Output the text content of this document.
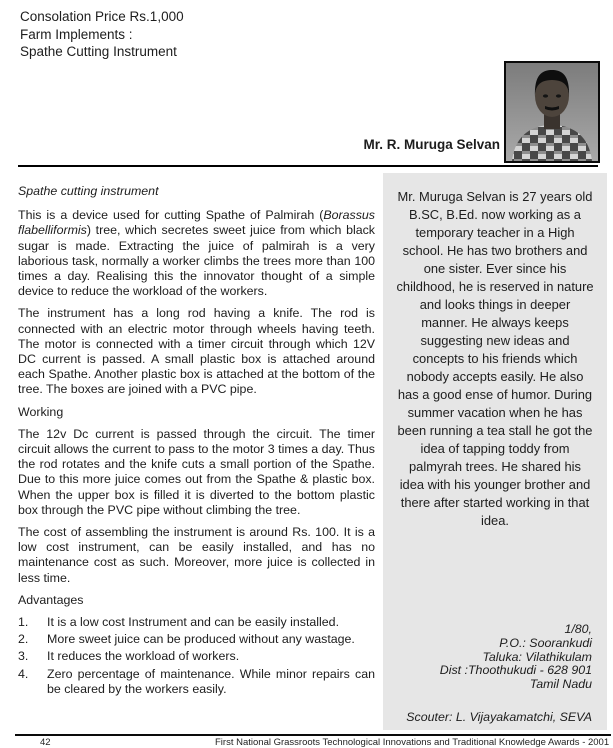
Consolation Price Rs.1,000
Farm Implements :
Spathe Cutting Instrument
Mr. R. Muruga Selvan
Spathe cutting instrument

This is a device used for cutting Spathe of Palmirah (Borassus flabelliformis) tree, which secretes sweet juice from which black sugar is made. Extracting the juice of palmirah is a very laborious task, normally a worker climbs the trees more than 100 times a day. Realising this the innovator thought of a simple device to reduce the workload of the workers.

The instrument has a long rod having a knife. The rod is connected with an electric motor through wheels having teeth. The motor is connected with a timer circuit through which 12V DC current is passed. A small plastic box is attached around each Spathe. Another plastic box is attached at the bottom of the tree. The boxes are joined with a PVC pipe.

Working

The 12v Dc current is passed through the circuit. The timer circuit allows the current to pass to the motor 3 times a day. Thus the rod rotates and the knife cuts a small portion of the Spathe. Due to this more juice comes out from the Spathe & plastic box. When the upper box is filled it is diverted to the bottom plastic box through the PVC pipe without climbing the tree.

The cost of assembling the instrument is around Rs. 100. It is a low cost instrument, can be easily installed, and has no maintenance cost as such. Moreover, more juice is collected in less time.

Advantages
1.	It is a low cost Instrument and can be easily installed.
2.	More sweet juice can be produced without any wastage.
3.	It reduces the workload of workers.
4.	Zero percentage of maintenance. While minor repairs can be cleared by the workers easily.
Mr. Muruga Selvan is 27 years old B.SC, B.Ed. now working as a temporary teacher in a High school. He has two brothers and one sister. Ever since his childhood, he is reserved in nature and looks things in deeper manner. He always keeps suggesting new ideas and concepts to his friends which nobody accepts easily. He also has a good ense of humor. During summer vacation when he has been running a tea stall he got the idea of tapping toddy from palmyrah trees. He shared his idea with his younger brother and there after started working in that idea.
1/80,
P.O.: Soorankudi
Taluka: Vilathikulam
Dist :Thoothukudi - 628 901
Tamil Nadu
Scouter: L. Vijayakamatchi, SEVA
42	First National Grassroots Technological Innovations and Traditional Knowledge Awards - 2001
